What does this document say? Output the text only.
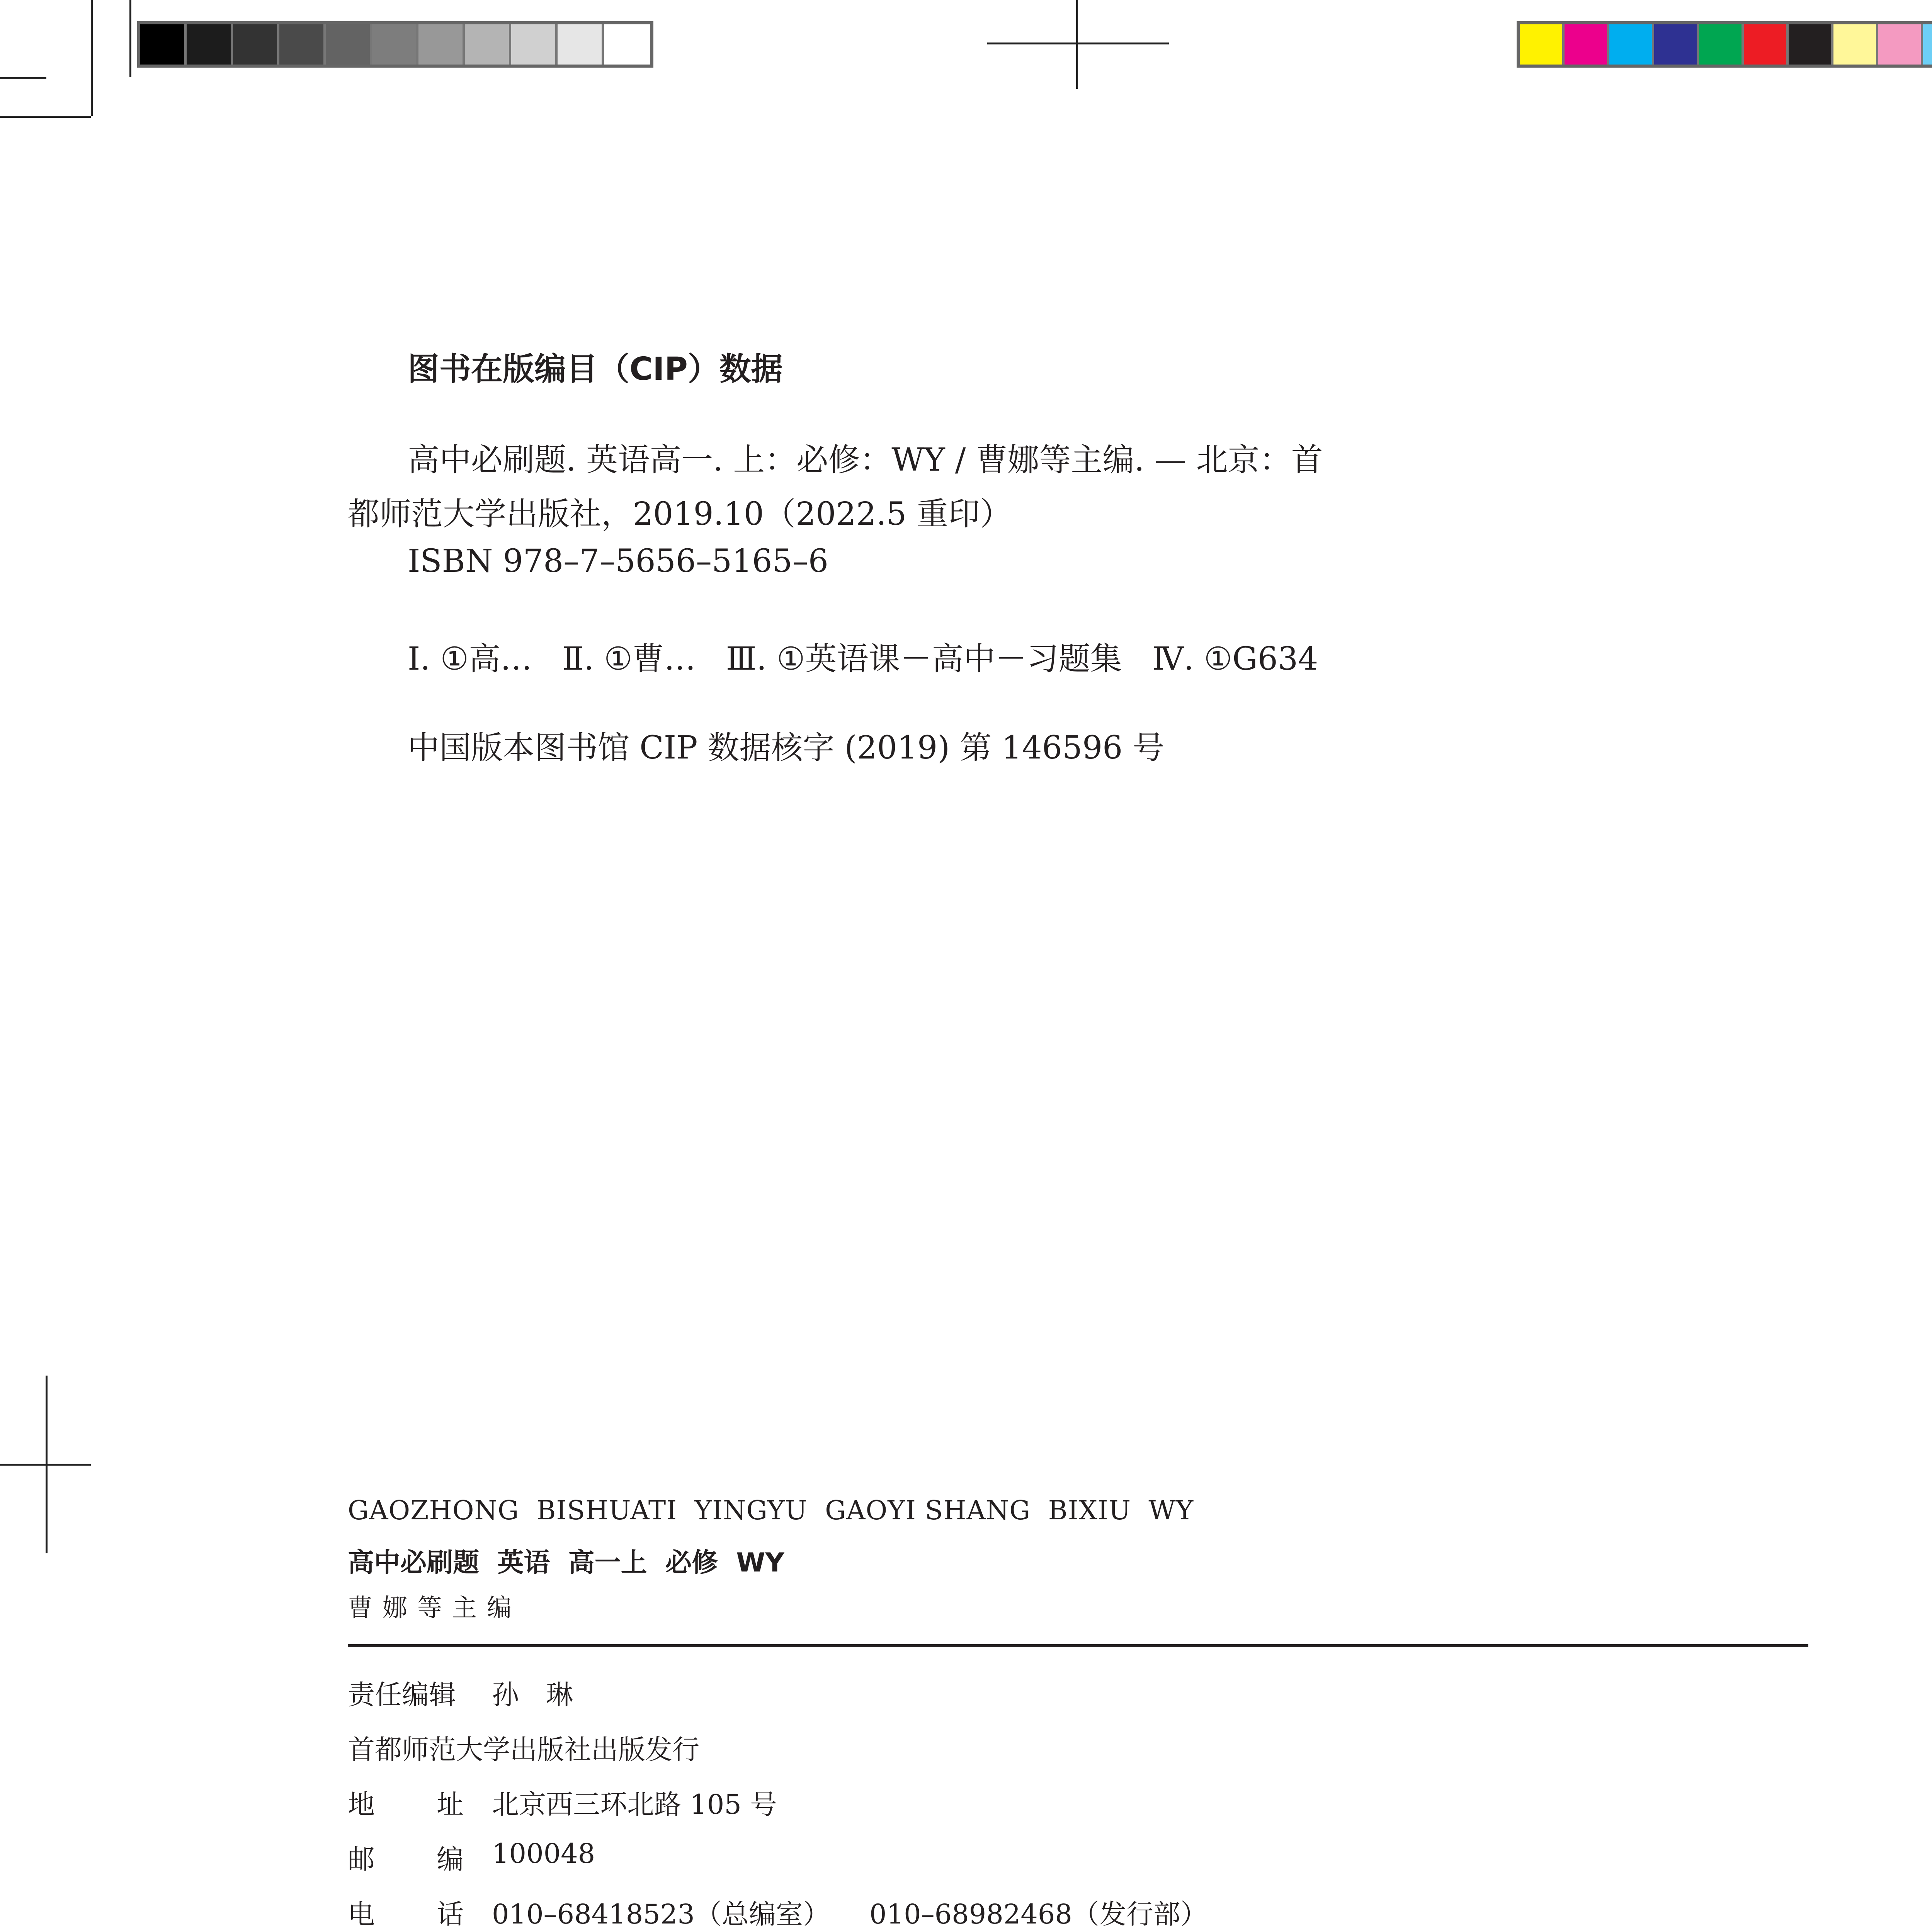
图书在版编目（CIP）数据
高中必刷题. 英语高一. 上：必修：WY / 曹娜等主编. — 北京：首
都师范大学出版社，2019.10（2022.5 重印）
ISBN 978–7–5656–5165–6
Ⅰ. ①高…   Ⅱ. ①曹…   Ⅲ. ①英语课－高中－习题集   Ⅳ. ①G634
中国版本图书馆 CIP 数据核字 (2019) 第 146596 号
GAOZHONG  BISHUATI  YINGYU  GAOYI SHANG  BIXIU  WY
高中必刷题  英语  高一上  必修  WY
曹娜等主编
责任编辑 孙　琳
首都师范大学出版社出版发行
地 址 北京西三环北路 105 号
邮 编 100048
电 话 010–68418523（总编室） 010–68982468（发行部）
